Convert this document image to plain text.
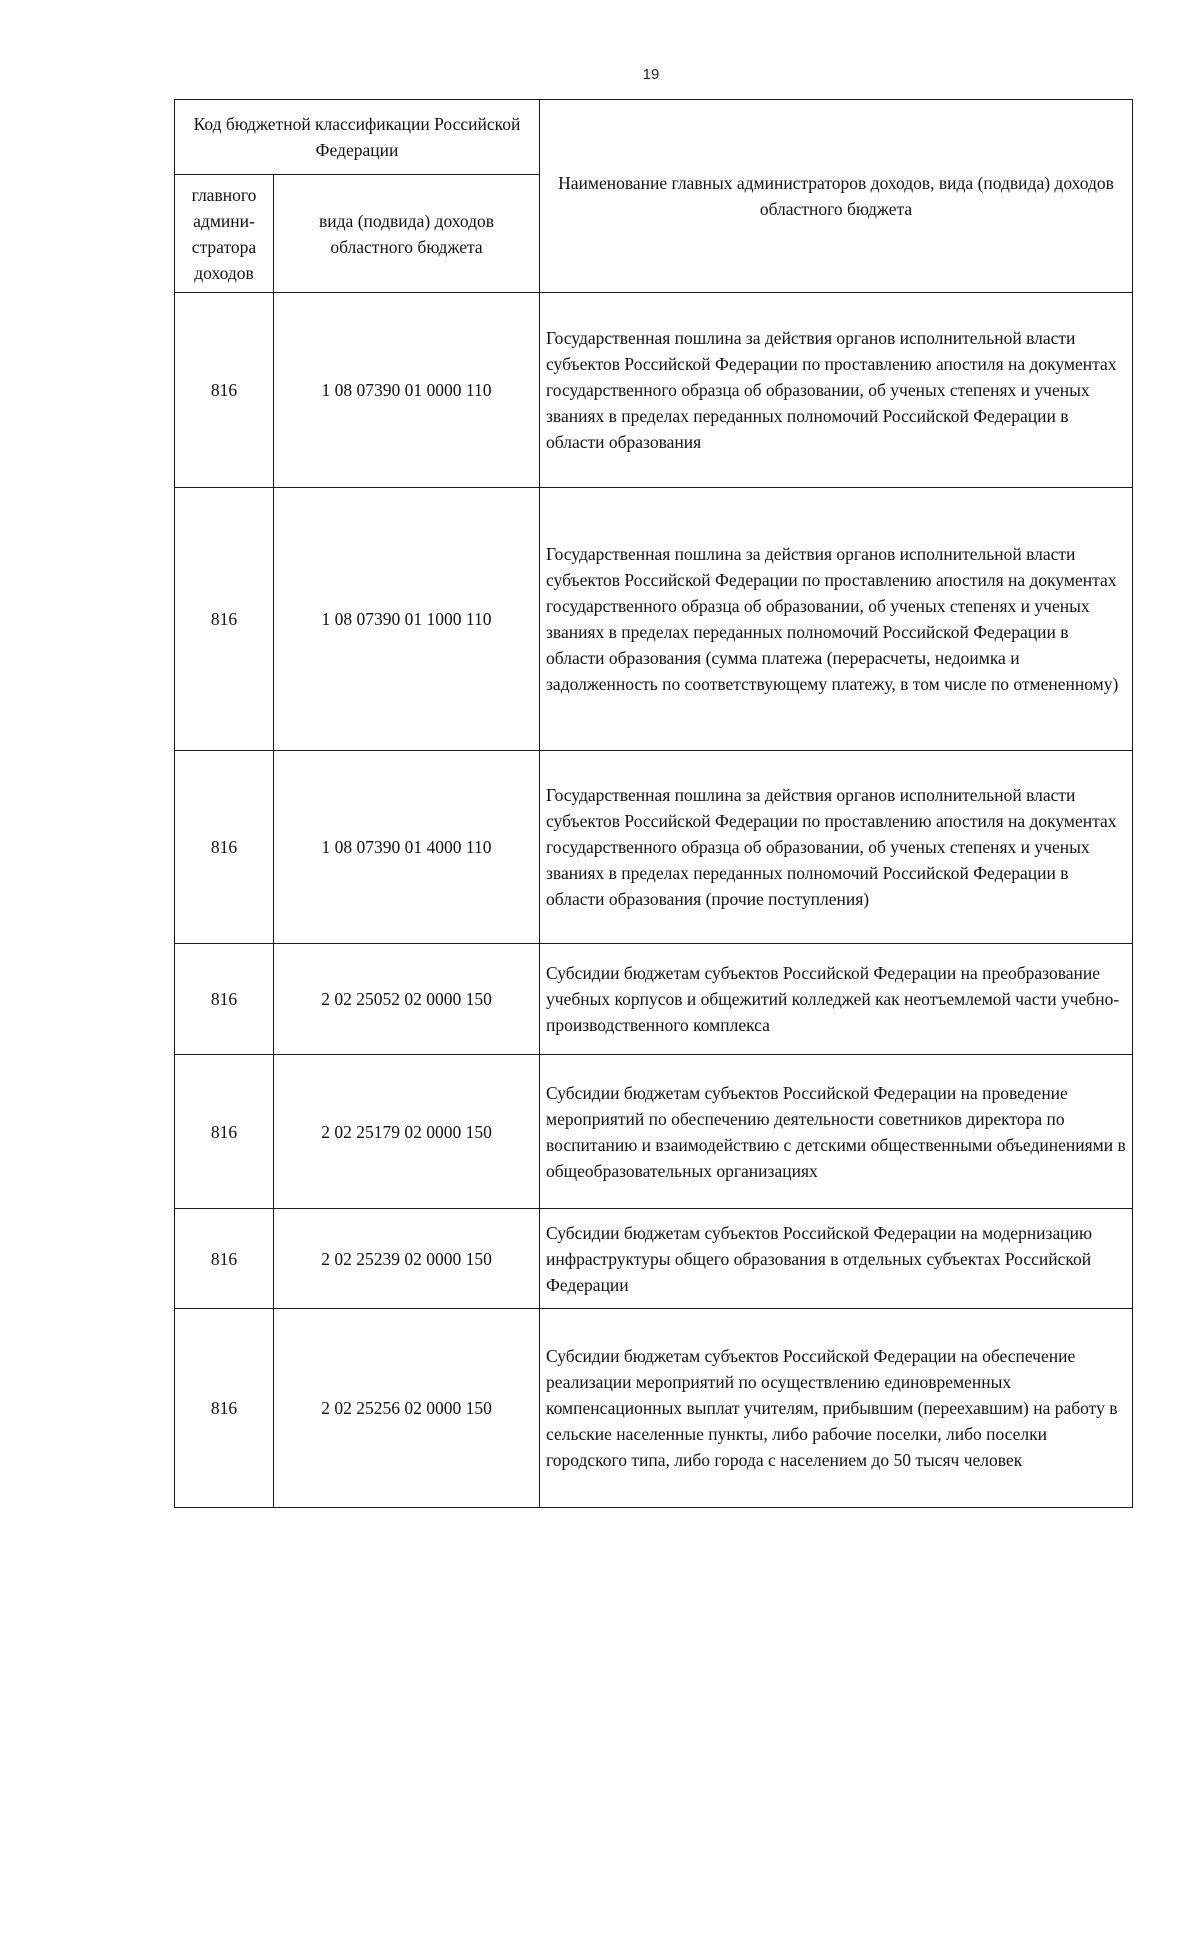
19
Код бюджетной классификации Российской Федерации		Наименование главных администраторов доходов, вида (подвида) доходов областного бюджета
главного админи-стратора доходов	вида (подвида) доходов областного бюджета	
816	1 08 07390 01 0000 110	Государственная пошлина за действия органов исполнительной власти субъектов Российской Федерации по проставлению апостиля на документах государственного образца об образовании, об ученых степенях и ученых званиях в пределах переданных полномочий Российской Федерации в области образования
816	1 08 07390 01 1000 110	Государственная пошлина за действия органов исполнительной власти субъектов Российской Федерации по проставлению апостиля на документах государственного образца об образовании, об ученых степенях и ученых званиях в пределах переданных полномочий Российской Федерации в области образования (сумма платежа (перерасчеты, недоимка и задолженность по соответствующему платежу, в том числе по отмененному)
816	1 08 07390 01 4000 110	Государственная пошлина за действия органов исполнительной власти субъектов Российской Федерации по проставлению апостиля на документах государственного образца об образовании, об ученых степенях и ученых званиях в пределах переданных полномочий Российской Федерации в области образования (прочие поступления)
816	2 02 25052 02 0000 150	Субсидии бюджетам субъектов Российской Федерации на преобразование учебных корпусов и общежитий колледжей как неотъемлемой части учебно-производственного комплекса
816	2 02 25179 02 0000 150	Субсидии бюджетам субъектов Российской Федерации на проведение мероприятий по обеспечению деятельности советников директора по воспитанию и взаимодействию с детскими общественными объединениями в общеобразовательных организациях
816	2 02 25239 02 0000 150	Субсидии бюджетам субъектов Российской Федерации на модернизацию инфраструктуры общего образования в отдельных субъектах Российской Федерации
816	2 02 25256 02 0000 150	Субсидии бюджетам субъектов Российской Федерации на обеспечение реализации мероприятий по осуществлению единовременных компенсационных выплат учителям, прибывшим (переехавшим) на работу в сельские населенные пункты, либо рабочие поселки, либо поселки городского типа, либо города с населением до 50 тысяч человек
